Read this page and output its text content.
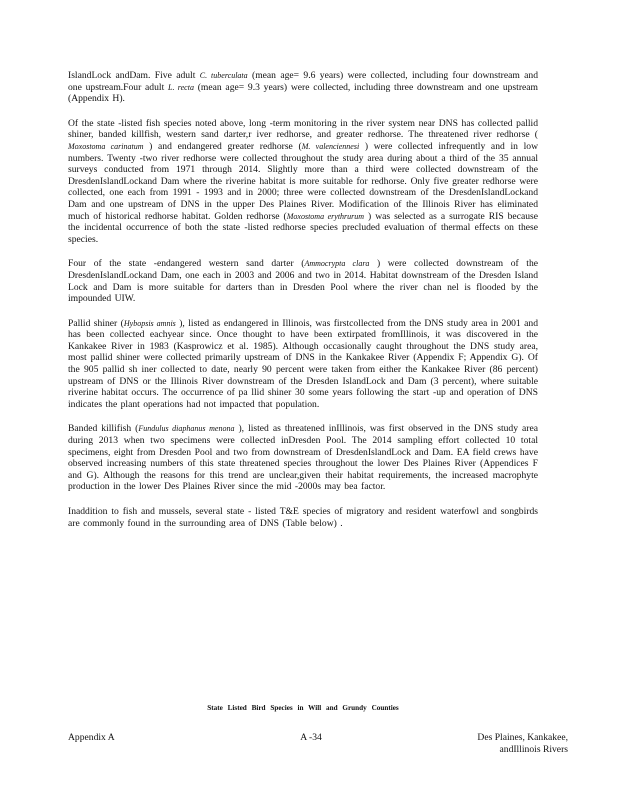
IslandLock andDam. Five adult C. tuberculata (mean age= 9.6 years) were collected, including four downstream and one upstream.Four adult L. recta (mean age= 9.3 years) were collected, including three downstream and one upstream (Appendix H).

Of the state -listed fish species noted above, long -term monitoring in the river system near DNS has collected pallid shiner, banded killfish, western sand darter,r iver redhorse, and greater redhorse. The threatened river redhorse ( Moxostoma carinatum ) and endangered greater redhorse (M. valenciennesi ) were collected infrequently and in low numbers. Twenty -two river redhorse were collected throughout the study area during about a third of the 35 annual surveys conducted from 1971 through 2014. Slightly more than a third were collected downstream of the DresdenIslandLockand Dam where the riverine habitat is more suitable for redhorse. Only five greater redhorse were collected, one each from 1991 - 1993 and in 2000; three were collected downstream of the DresdenIslandLockand Dam and one upstream of DNS in the upper Des Plaines River. Modification of the Illinois River has eliminated much of historical redhorse habitat. Golden redhorse (Moxostoma erythrurum ) was selected as a surrogate RIS because the incidental occurrence of both the state -listed redhorse species precluded evaluation of thermal effects on these species.

Four of the state -endangered western sand darter (Ammocrypta clara ) were collected downstream of the DresdenIslandLockand Dam, one each in 2003 and 2006 and two in 2014. Habitat downstream of the Dresden Island Lock and Dam is more suitable for darters than in Dresden Pool where the river chan nel is flooded by the impounded UIW.

Pallid shiner (Hybopsis amnis ), listed as endangered in Illinois, was firstcollected from the DNS study area in 2001 and has been collected eachyear since. Once thought to have been extirpated fromIllinois, it was discovered in the Kankakee River in 1983 (Kasprowicz et al. 1985). Although occasionally caught throughout the DNS study area, most pallid shiner were collected primarily upstream of DNS in the Kankakee River (Appendix F; Appendix G). Of the 905 pallid sh iner collected to date, nearly 90 percent were taken from either the Kankakee River (86 percent) upstream of DNS or the Illinois River downstream of the Dresden IslandLock and Dam (3 percent), where suitable riverine habitat occurs. The occurrence of pa llid shiner 30 some years following the start -up and operation of DNS indicates the plant operations had not impacted that population.

Banded killifish (Fundulus diaphanus menona ), listed as threatened inIllinois, was first observed in the DNS study area during 2013 when two specimens were collected inDresden Pool. The 2014 sampling effort collected 10 total specimens, eight from Dresden Pool and two from downstream of DresdenIslandLock and Dam. EA field crews have observed increasing numbers of this state threatened species throughout the lower Des Plaines River (Appendices F and G). Although the reasons for this trend are unclear,given their habitat requirements, the increased macrophyte production in the lower Des Plaines River since the mid -2000s may bea factor.

Inaddition to fish and mussels, several state - listed T&E species of migratory and resident waterfowl and songbirds are commonly found in the surrounding area of DNS (Table below) .

State Listed Bird Species in Will and Grundy Counties
Appendix A	A -34	Des Plaines, Kankakee,
andIllinois Rivers
